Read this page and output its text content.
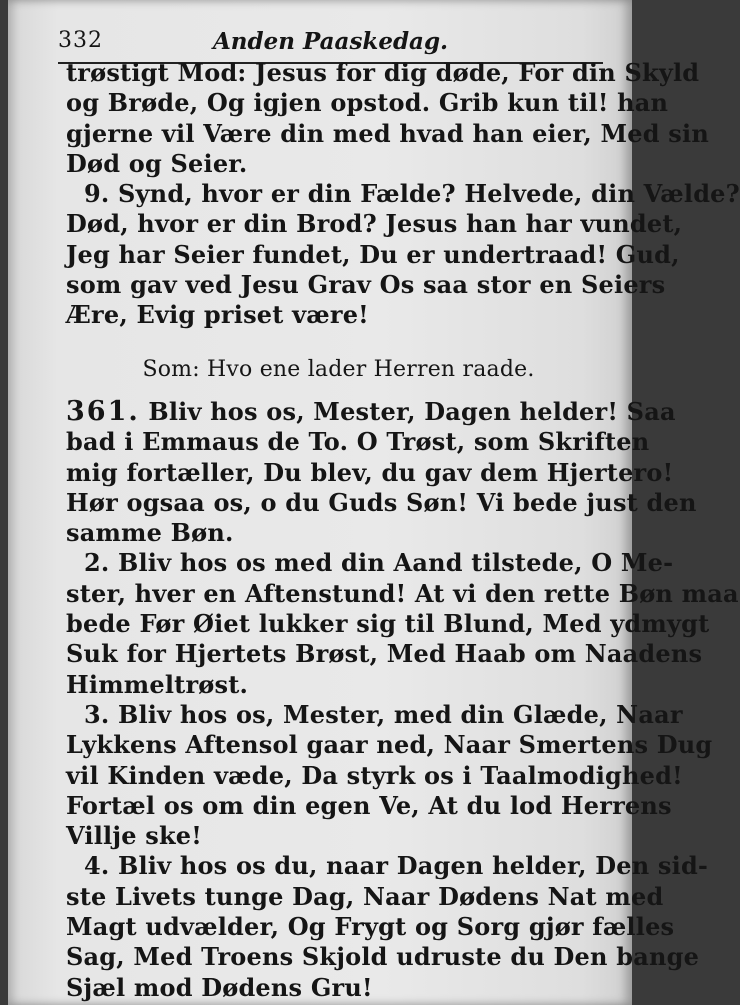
332	Anden Paaskedag.
trøstigt Mod: Jesus for dig døde, For din Skyld
og Brøde, Og igjen opstod. Grib kun til! han
gjerne vil Være din med hvad han eier, Med sin
Død og Seier.
9. Synd, hvor er din Fælde? Helvede, din Vælde?
Død, hvor er din Brod? Jesus han har vundet,
Jeg har Seier fundet, Du er undertraad! Gud,
som gav ved Jesu Grav Os saa stor en Seiers
Ære, Evig priset være!
Som: Hvo ene lader Herren raade.
361. Bliv hos os, Mester, Dagen helder! Saa
bad i Emmaus de To. O Trøst, som Skriften
mig fortæller, Du blev, du gav dem Hjertero!
Hør ogsaa os, o du Guds Søn! Vi bede just den
samme Bøn.
2. Bliv hos os med din Aand tilstede, O Me-
ster, hver en Aftenstund! At vi den rette Bøn maa
bede Før Øiet lukker sig til Blund, Med ydmygt
Suk for Hjertets Brøst, Med Haab om Naadens
Himmeltrøst.
3. Bliv hos os, Mester, med din Glæde, Naar
Lykkens Aftensol gaar ned, Naar Smertens Dug
vil Kinden væde, Da styrk os i Taalmodighed!
Fortæl os om din egen Ve, At du lod Herrens
Villje ske!
4. Bliv hos os du, naar Dagen helder, Den sid-
ste Livets tunge Dag, Naar Dødens Nat med
Magt udvælder, Og Frygt og Sorg gjør fælles
Sag, Med Troens Skjold udruste du Den bange
Sjæl mod Dødens Gru!
